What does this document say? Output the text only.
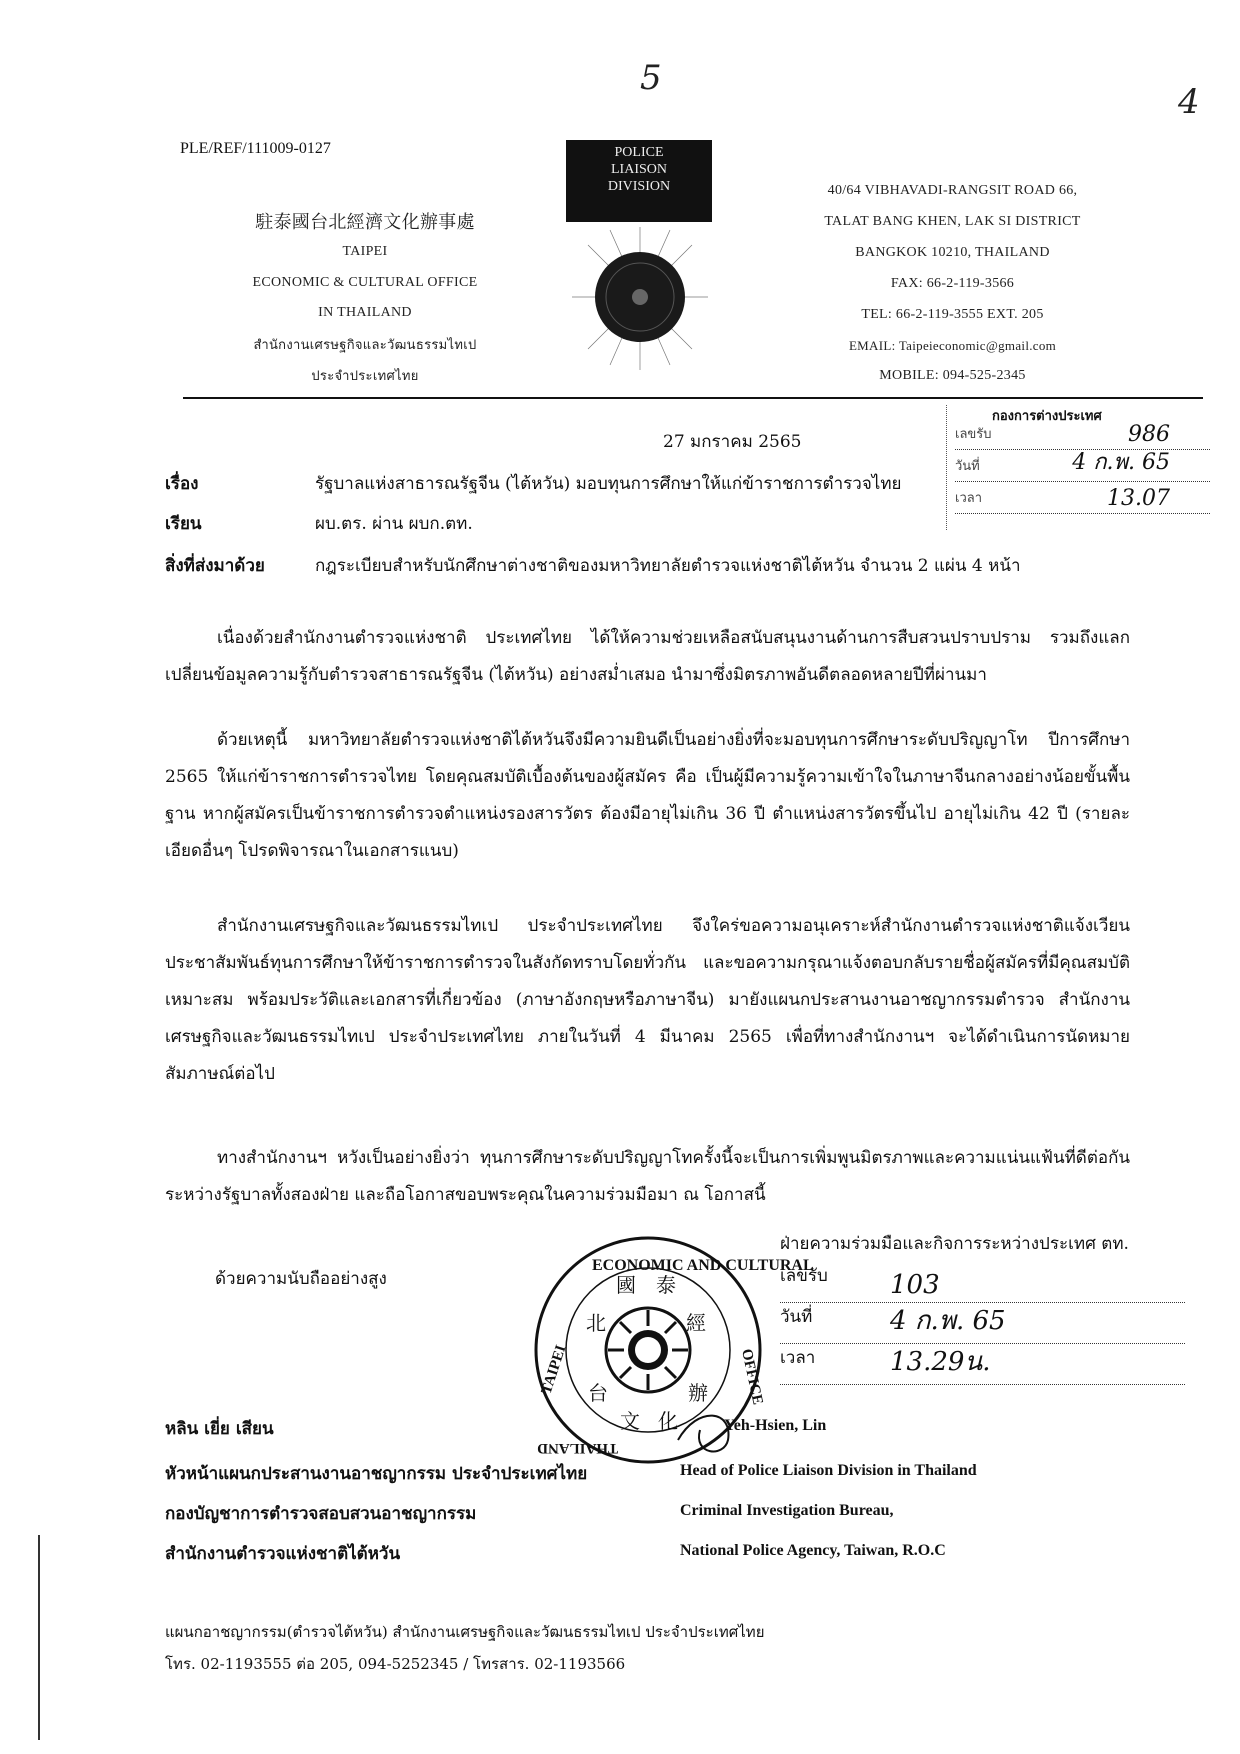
5
4
PLE/REF/111009-0127
駐泰國台北經濟文化辦事處
TAIPEI
ECONOMIC & CULTURAL OFFICE
IN THAILAND
สำนักงานเศรษฐกิจและวัฒนธรรมไทเป
ประจำประเทศไทย
POLICE
LIAISON
DIVISION	40/64 VIBHAVADI-RANGSIT ROAD 66,
TALAT BANG KHEN, LAK SI DISTRICT
BANGKOK 10210, THAILAND
FAX: 66-2-119-3566
TEL: 66-2-119-3555 EXT. 205
EMAIL: Taipeieconomic@gmail.com
MOBILE: 094-525-2345
กองการต่างประเทศ
เลขรับ	986
วันที่	4 ก.พ. 65
เวลา	13.07
27 มกราคม 2565
เรื่อง	รัฐบาลแห่งสาธารณรัฐจีน (ไต้หวัน) มอบทุนการศึกษาให้แก่ข้าราชการตำรวจไทย
เรียน	ผบ.ตร. ผ่าน ผบก.ตท.
สิ่งที่ส่งมาด้วย	กฎระเบียบสำหรับนักศึกษาต่างชาติของมหาวิทยาลัยตำรวจแห่งชาติไต้หวัน จำนวน 2 แผ่น 4 หน้า

เนื่องด้วยสำนักงานตำรวจแห่งชาติ ประเทศไทย ได้ให้ความช่วยเหลือสนับสนุนงานด้านการสืบสวนปราบปราม รวมถึงแลกเปลี่ยนข้อมูลความรู้กับตำรวจสาธารณรัฐจีน (ไต้หวัน) อย่างสม่ำเสมอ นำมาซึ่งมิตรภาพอันดีตลอดหลายปีที่ผ่านมา

ด้วยเหตุนี้ มหาวิทยาลัยตำรวจแห่งชาติไต้หวันจึงมีความยินดีเป็นอย่างยิ่งที่จะมอบทุนการศึกษาระดับปริญญาโท ปีการศึกษา 2565 ให้แก่ข้าราชการตำรวจไทย โดยคุณสมบัติเบื้องต้นของผู้สมัคร คือ เป็นผู้มีความรู้ความเข้าใจในภาษาจีนกลางอย่างน้อยขั้นพื้นฐาน หากผู้สมัครเป็นข้าราชการตำรวจตำแหน่งรองสารวัตร ต้องมีอายุไม่เกิน 36 ปี ตำแหน่งสารวัตรขึ้นไป อายุไม่เกิน 42 ปี (รายละเอียดอื่นๆ โปรดพิจารณาในเอกสารแนบ)

สำนักงานเศรษฐกิจและวัฒนธรรมไทเป ประจำประเทศไทย จึงใคร่ขอความอนุเคราะห์สำนักงานตำรวจแห่งชาติแจ้งเวียนประชาสัมพันธ์ทุนการศึกษาให้ข้าราชการตำรวจในสังกัดทราบโดยทั่วกัน และขอความกรุณาแจ้งตอบกลับรายชื่อผู้สมัครที่มีคุณสมบัติเหมาะสม พร้อมประวัติและเอกสารที่เกี่ยวข้อง (ภาษาอังกฤษหรือภาษาจีน) มายังแผนกประสานงานอาชญากรรมตำรวจ สำนักงานเศรษฐกิจและวัฒนธรรมไทเป ประจำประเทศไทย ภายในวันที่ 4 มีนาคม 2565 เพื่อที่ทางสำนักงานฯ จะได้ดำเนินการนัดหมายสัมภาษณ์ต่อไป

ทางสำนักงานฯ หวังเป็นอย่างยิ่งว่า ทุนการศึกษาระดับปริญญาโทครั้งนี้จะเป็นการเพิ่มพูนมิตรภาพและความแน่นแฟ้นที่ดีต่อกันระหว่างรัฐบาลทั้งสองฝ่าย และถือโอกาสขอบพระคุณในความร่วมมือมา ณ โอกาสนี้

ด้วยความนับถืออย่างสูง	國 泰
北	經
台	辦
文 化
ECONOMIC AND CULTURAL
TAIPEI	OFFICE
THAILAND
ฝ่ายความร่วมมือและกิจการระหว่างประเทศ ตท.
เลขรับ 103
วันที่	4 ก.พ. 65
เวลา	13.29น.
หลิน เยี่ย เสียน
หัวหน้าแผนกประสานงานอาชญากรรม ประจำประเทศไทย
กองบัญชาการตำรวจสอบสวนอาชญากรรม
สำนักงานตำรวจแห่งชาติไต้หวัน
Yeh-Hsien, Lin
Head of Police Liaison Division in Thailand
Criminal Investigation Bureau,
National Police Agency, Taiwan, R.O.C
แผนกอาชญากรรม(ตำรวจไต้หวัน) สำนักงานเศรษฐกิจและวัฒนธรรมไทเป ประจำประเทศไทย
โทร. 02-1193555 ต่อ 205, 094-5252345 / โทรสาร. 02-1193566
